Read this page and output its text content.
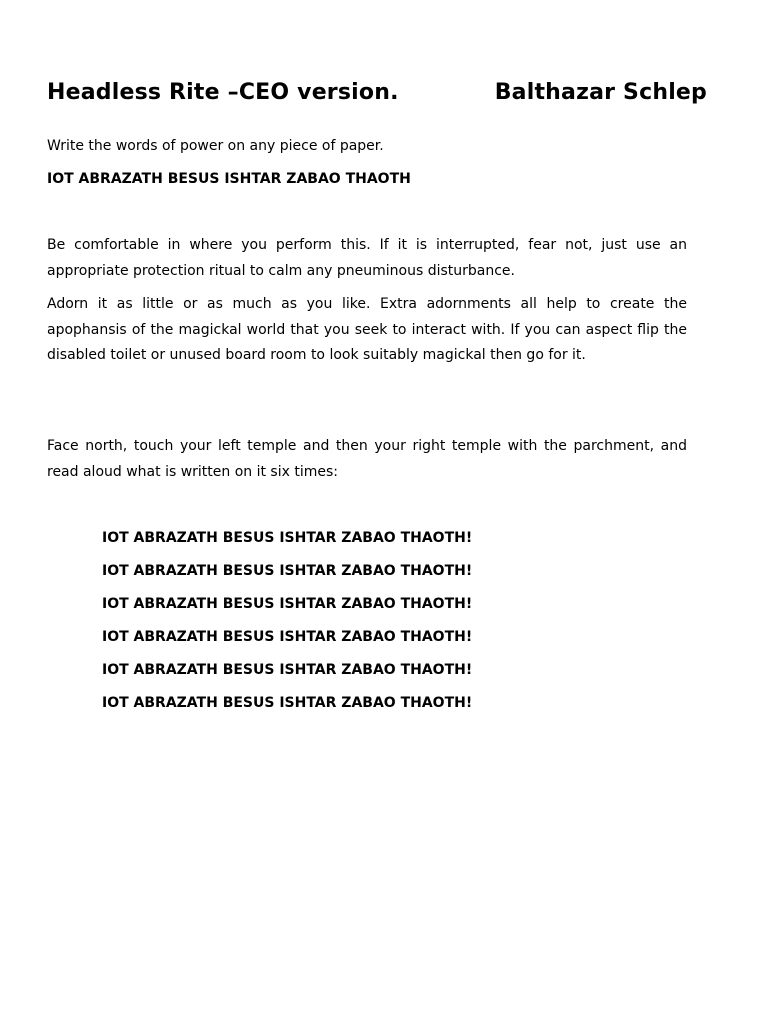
Headless Rite –CEO version.	Balthazar Schlep
Write the words of power on any piece of paper.
IOT ABRAZATH BESUS ISHTAR ZABAO THAOTH
Be comfortable in where you perform this. If it is interrupted, fear not, just use an appropriate protection ritual to calm any pneuminous disturbance.
Adorn it as little or as much as you like. Extra adornments all help to create the apophansis of the magickal world that you seek to interact with. If you can aspect flip the disabled toilet or unused board room to look suitably magickal then go for it.
Face north, touch your left temple and then your right temple with the parchment, and read aloud what is written on it six times:
IOT ABRAZATH BESUS ISHTAR ZABAO THAOTH!
IOT ABRAZATH BESUS ISHTAR ZABAO THAOTH!
IOT ABRAZATH BESUS ISHTAR ZABAO THAOTH!
IOT ABRAZATH BESUS ISHTAR ZABAO THAOTH!
IOT ABRAZATH BESUS ISHTAR ZABAO THAOTH!
IOT ABRAZATH BESUS ISHTAR ZABAO THAOTH!
